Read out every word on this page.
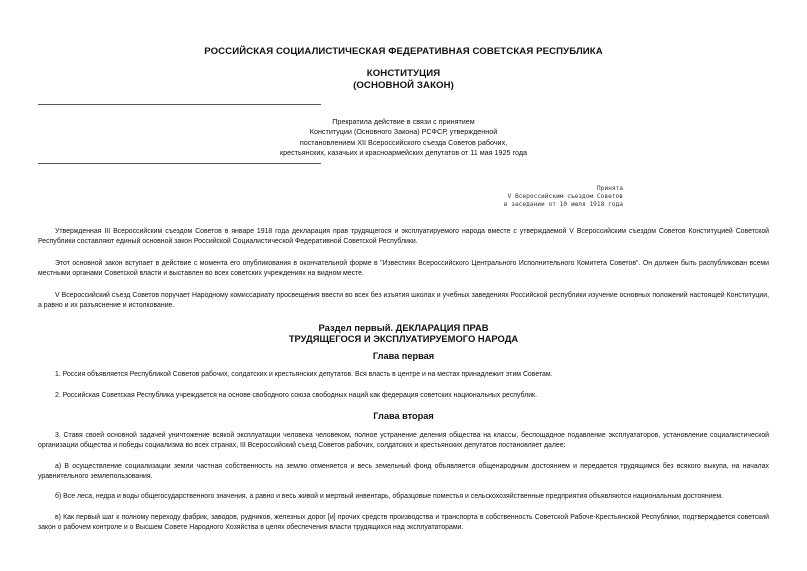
РОССИЙСКАЯ СОЦИАЛИСТИЧЕСКАЯ ФЕДЕРАТИВНАЯ СОВЕТСКАЯ РЕСПУБЛИКА
КОНСТИТУЦИЯ
(ОСНОВНОЙ ЗАКОН)
Прекратила действие в связи с принятием
Конституции (Основного Закона) РСФСР, утвержденной
постановлением XII Всероссийского съезда Советов рабочих,
крестьянских, казачьих и красноармейских депутатов от 11 мая 1925 года
Принята
V Всероссийским съездом Советов
в заседании от 10 июля 1918 года
Утвержденная III Всероссийским съездом Советов в январе 1918 года декларация прав трудящегося и эксплуатируемого народа вместе с утверждаемой V Всероссийским съездом Советов Конституцией Советской Республики составляют единый основной закон Российской Социалистической Федеративной Советской Республики.
Этот основной закон вступает в действие с момента его опубликования в окончательной форме в "Известиях Всероссийского Центрального Исполнительного Комитета Советов". Он должен быть распубликован всеми местными органами Советской власти и выставлен во всех советских учреждениях на видном месте.
V Всероссийский съезд Советов поручает Народному комиссариату просвещения ввести во всех без изъятия школах и учебных заведениях Российской республики изучение основных положений настоящей Конституции, а равно и их разъяснение и истолкование.
Раздел первый. ДЕКЛАРАЦИЯ ПРАВ
ТРУДЯЩЕГОСЯ И ЭКСПЛУАТИРУЕМОГО НАРОДА
Глава первая
1. Россия объявляется Республикой Советов рабочих, солдатских и крестьянских депутатов. Вся власть в центре и на местах принадлежит этим Советам.
2. Российская Советская Республика учреждается на основе свободного союза свободных наций как федерация советских национальных республик.
Глава вторая
3. Ставя своей основной задачей уничтожение всякой эксплуатации человека человеком, полное устранение деления общества на классы, беспощадное подавление эксплуататоров, установление социалистической организации общества и победы социализма во всех странах, III Всероссийский съезд Советов рабочих, солдатских и крестьянских депутатов постановляет далее:
а) В осуществление социализации земли частная собственность на землю отменяется и весь земельный фонд объявляется общенародным достоянием и передается трудящимся без всякого выкупа, на началах уравнительного землепользования.
б) Все леса, недра и воды общегосударственного значения, а равно и весь живой и мертвый инвентарь, образцовые поместья и сельскохозяйственные предприятия объявляются национальным достоянием.
в) Как первый шаг к полному переходу фабрик, заводов, рудников, железных дорог [и] прочих средств производства и транспорта в собственность Советской Рабоче-Крестьянской Республики, подтверждается советский закон о рабочем контроле и о Высшем Совете Народного Хозяйства в целях обеспечения власти трудящихся над эксплуататорами.
